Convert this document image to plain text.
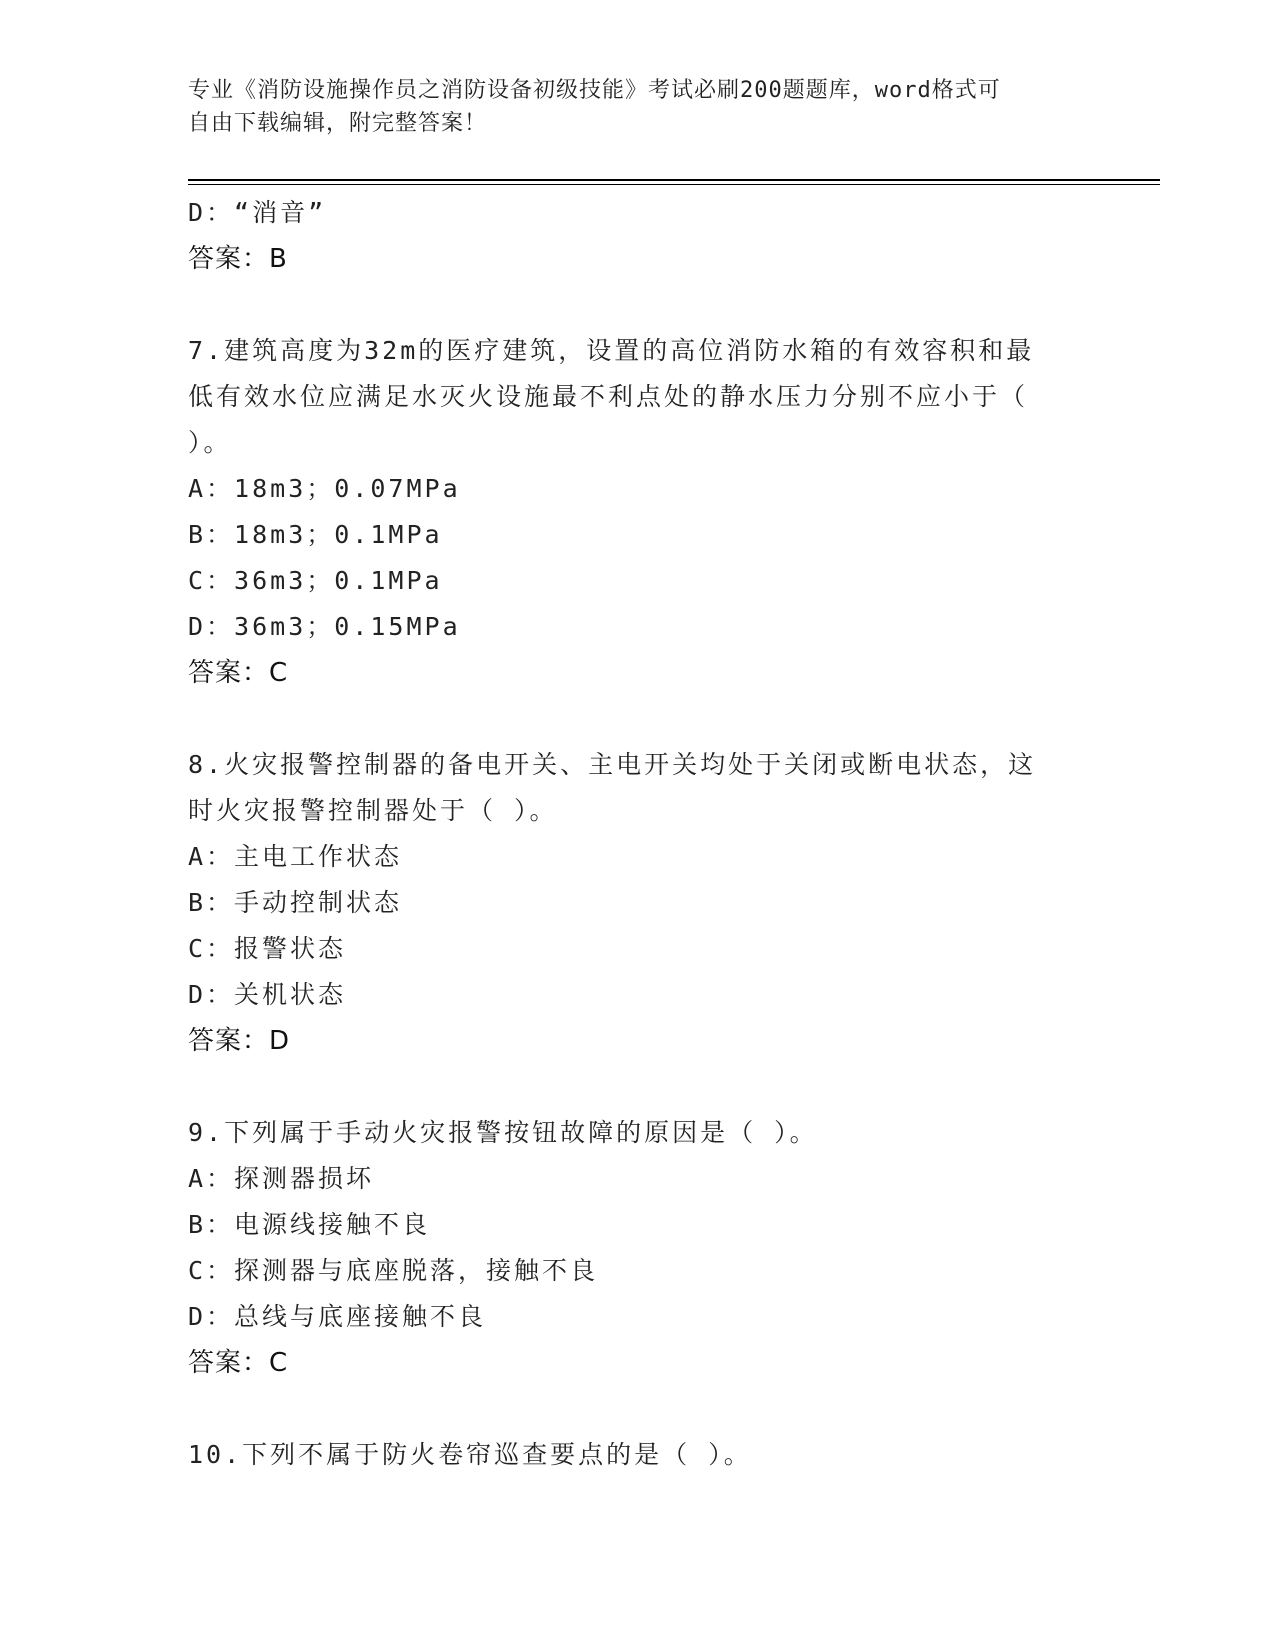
专业《消防设施操作员之消防设备初级技能》考试必刷200题题库，word格式可
自由下载编辑，附完整答案！
D：“消音”
答案：B
7.建筑高度为32m的医疗建筑，设置的高位消防水箱的有效容积和最
低有效水位应满足水灭火设施最不利点处的静水压力分别不应小于（
）。
A：18m3；0.07MPa
B：18m3；0.1MPa
C：36m3；0.1MPa
D：36m3；0.15MPa
答案：C
8.火灾报警控制器的备电开关、主电开关均处于关闭或断电状态，这
时火灾报警控制器处于（ ）。
A：主电工作状态
B：手动控制状态
C：报警状态
D：关机状态
答案：D
9.下列属于手动火灾报警按钮故障的原因是（ ）。
A：探测器损坏
B：电源线接触不良
C：探测器与底座脱落，接触不良
D：总线与底座接触不良
答案：C
10.下列不属于防火卷帘巡查要点的是（ ）。
